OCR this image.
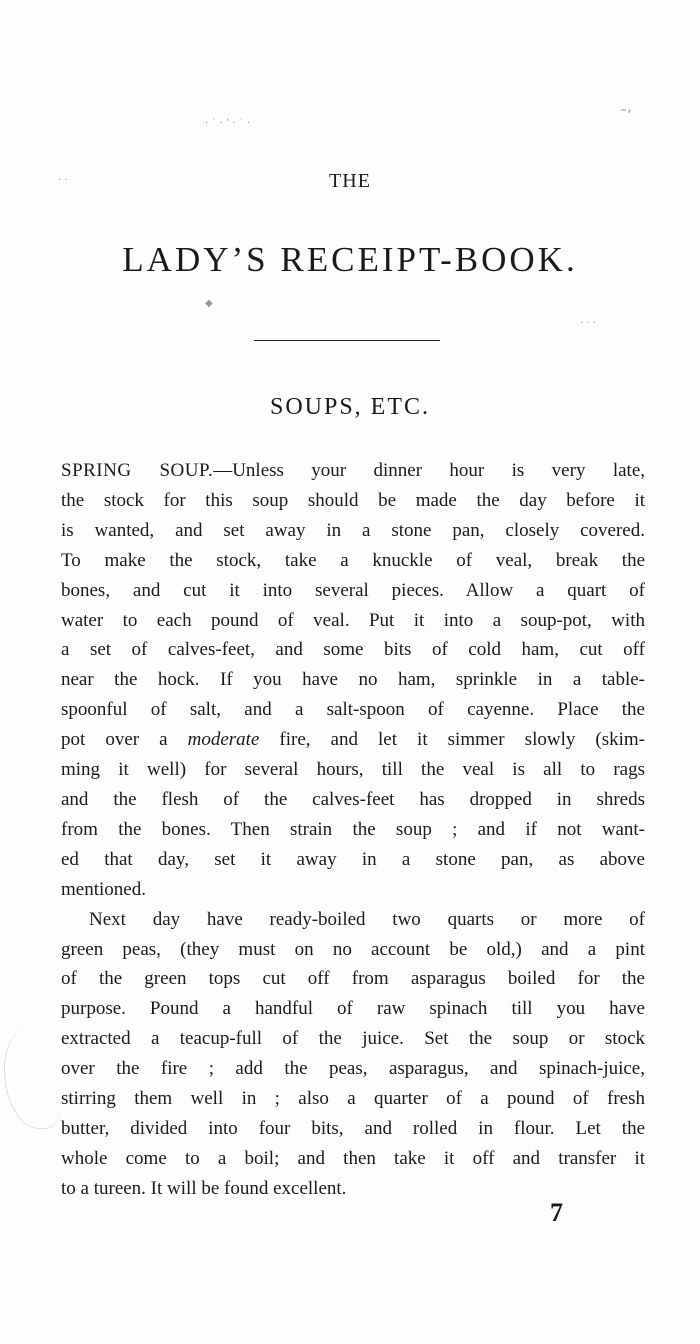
· ˙ · ʼ · ˙ ·	˜ʼ
· ·
◆
· · ·
THE
LADY’S RECEIPT-BOOK.
SOUPS, ETC.
SPRING SOUP.—Unless your dinner hour is very late,
the stock for this soup should be made the day before it
is wanted, and set away in a stone pan, closely covered.
To make the stock, take a knuckle of veal, break the
bones, and cut it into several pieces. Allow a quart of
water to each pound of veal. Put it into a soup-pot, with
a set of calves-feet, and some bits of cold ham, cut off
near the hock. If you have no ham, sprinkle in a table-
spoonful of salt, and a salt-spoon of cayenne. Place the
pot over a moderate fire, and let it simmer slowly (skim-
ming it well) for several hours, till the veal is all to rags
and the flesh of the calves-feet has dropped in shreds
from the bones. Then strain the soup ; and if not want-
ed that day, set it away in a stone pan, as above
mentioned.
Next day have ready-boiled two quarts or more of
green peas, (they must on no account be old,) and a pint
of the green tops cut off from asparagus boiled for the
purpose. Pound a handful of raw spinach till you have
extracted a teacup-full of the juice. Set the soup or stock
over the fire ; add the peas, asparagus, and spinach-juice,
stirring them well in ; also a quarter of a pound of fresh
butter, divided into four bits, and rolled in flour. Let the
whole come to a boil; and then take it off and transfer it
to a tureen. It will be found excellent.
7
